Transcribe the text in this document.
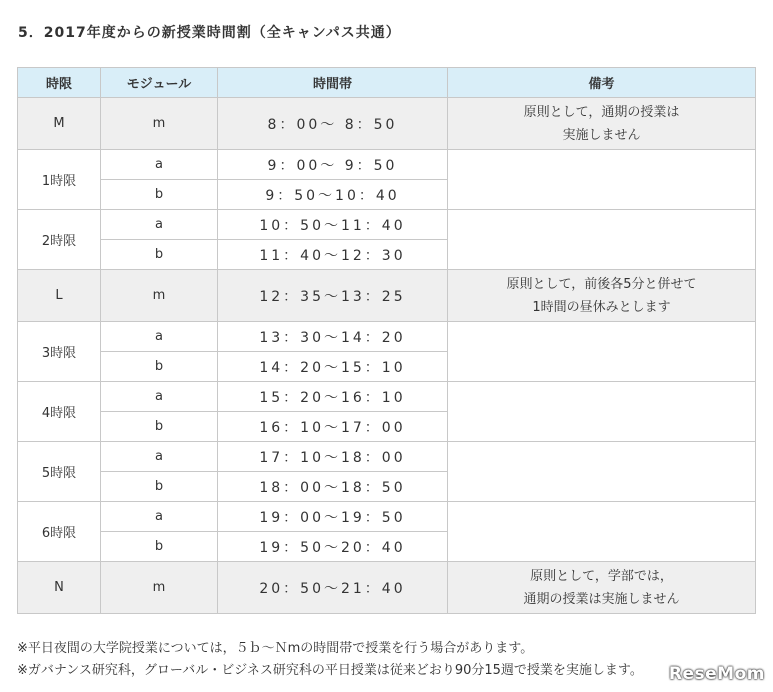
5．2017年度からの新授業時間割（全キャンパス共通）
時限	モジュール	時間帯	備考
M	m	8：00～ 8：50	原則として，通期の授業は
実施しません
1時限	a	9：00～ 9：50	
	b	9：50～10：40	
2時限	a	10：50～11：40	
	b	11：40～12：30	
L	m	12：35～13：25	原則として，前後各5分と併せて
1時間の昼休みとします
3時限	a	13：30～14：20	
	b	14：20～15：10	
4時限	a	15：20～16：10	
	b	16：10～17：00	
5時限	a	17：10～18：00	
	b	18：00～18：50	
6時限	a	19：00～19：50	
	b	19：50～20：40	
N	m	20：50～21：40	原則として，学部では，
通期の授業は実施しません
※平日夜間の大学院授業については，５ｂ～Ｎmの時間帯で授業を行う場合があります。
※ガバナンス研究科，グローバル・ビジネス研究科の平日授業は従来どおり90分15週で授業を実施します。 ReseMom
